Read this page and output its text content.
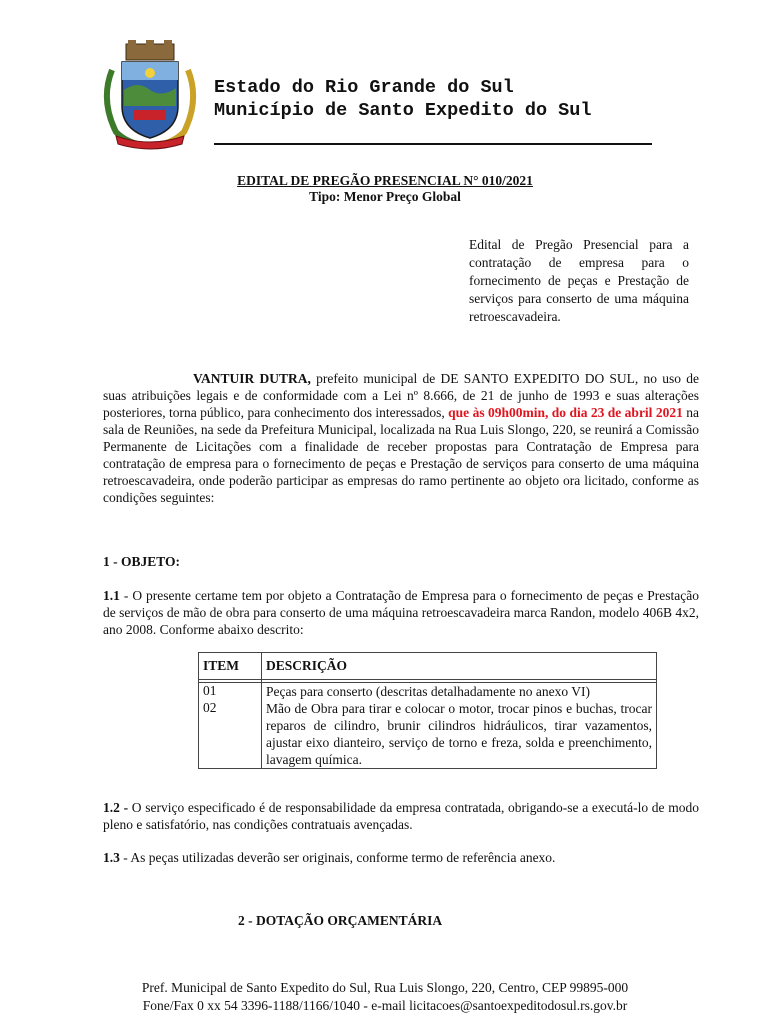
Estado do Rio Grande do Sul
Município de Santo Expedito do Sul
EDITAL DE PREGÃO PRESENCIAL N° 010/2021
Tipo: Menor Preço Global
Edital de Pregão Presencial para a contratação de empresa para o fornecimento de peças e Prestação de serviços para conserto de uma máquina retroescavadeira.
VANTUIR DUTRA, prefeito municipal de DE SANTO EXPEDITO DO SUL, no uso de suas atribuições legais e de conformidade com a Lei nº 8.666, de 21 de junho de 1993 e suas alterações posteriores, torna público, para conhecimento dos interessados, que às 09h00min, do dia 23 de abril 2021 na sala de Reuniões, na sede da Prefeitura Municipal, localizada na Rua Luis Slongo, 220, se reunirá a Comissão Permanente de Licitações com a finalidade de receber propostas para Contratação de Empresa para contratação de empresa para o fornecimento de peças e Prestação de serviços para conserto de uma máquina retroescavadeira, onde poderão participar as empresas do ramo pertinente ao objeto ora licitado, conforme as condições seguintes:
1 - OBJETO:
1.1 - O presente certame tem por objeto a Contratação de Empresa para o fornecimento de peças e Prestação de serviços de mão de obra para conserto de uma máquina retroescavadeira marca Randon, modelo 406B 4x2, ano 2008. Conforme abaixo descrito:
ITEM	DESCRIÇÃO

01	Peças para conserto (descritas detalhadamente no anexo VI)
02	Mão de Obra para tirar e colocar o motor, trocar pinos e buchas, trocar reparos de cilindro, brunir cilindros hidráulicos, tirar vazamentos, ajustar eixo dianteiro, serviço de torno e freza, solda e preenchimento, lavagem química.
1.2 - O serviço especificado é de responsabilidade da empresa contratada, obrigando-se a executá-lo de modo pleno e satisfatório, nas condições contratuais avençadas.
1.3 - As peças utilizadas deverão ser originais, conforme termo de referência anexo.
2 - DOTAÇÃO ORÇAMENTÁRIA
Pref. Municipal de Santo Expedito do Sul, Rua Luis Slongo, 220, Centro, CEP 99895-000
Fone/Fax 0 xx 54 3396-1188/1166/1040 - e-mail licitacoes@santoexpeditodosul.rs.gov.br
